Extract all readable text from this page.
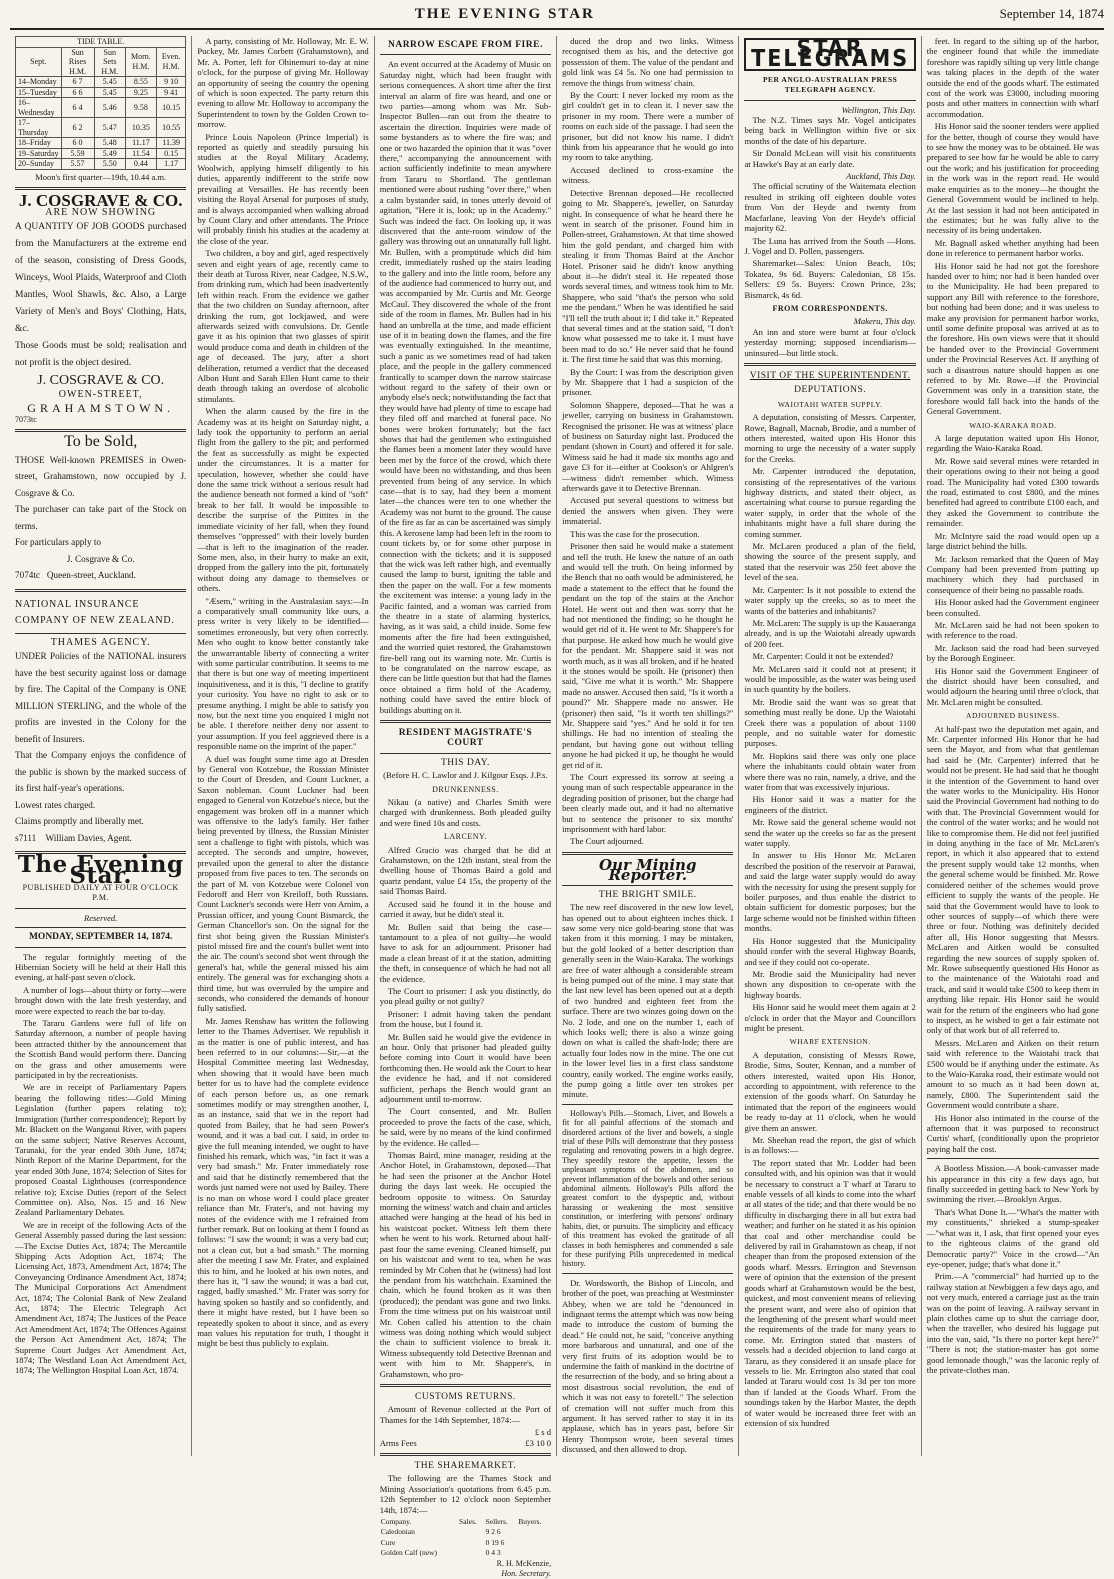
THE EVENING STAR	September 14, 1874
TIDE TABLE.				
Sept.	Sun Rises H.M.	Sun Sets H.M.	Morn. H.M.	Even. H.M.
14–Monday	6 7	5.45	8.55	9 10
15–Tuesday	6 6	5.45	9.25	9 41
16–Wednesday	6 4	5.46	9.58	10.15
17–Thursday	6 2	5.47	10.35	10.55
18–Friday	6 0	5.48	11.17	11.39
19–Saturday	5.59	5.49	11.54	0.15
20–Sunday	5.57	5.50	0.44	1.17
Moon's first quarter—19th, 10.44 a.m.
J. COSGRAVE & CO.
ARE NOW SHOWING

A QUANTITY OF JOB GOODS purchased from the Manufacturers at the extreme end of the season, consisting of Dress Goods, Winceys, Wool Plaids, Waterproof and Cloth Mantles, Wool Shawls, &c. Also, a Large Variety of Men's and Boys' Clothing, Hats, &c.

Those Goods must be sold; realisation and not profit is the object desired.

J. COSGRAVE & CO.
OWEN-STREET,
GRAHAMSTOWN.
7073tc
To be Sold,

THOSE Well-known PREMISES in Owen-street, Grahamstown, now occupied by J. Cosgrave & Co.

The purchaser can take part of the Stock on terms.

For particulars apply to

J. Cosgrave & Co.

7074tc Queen-street, Auckland.

NATIONAL INSURANCE COMPANY OF NEW ZEALAND.
THAMES AGENCY.

UNDER Policies of the NATIONAL insurers have the best security against loss or damage by fire. The Capital of the Company is ONE MILLION STERLING, and the whole of the profits are invested in the Colony for the benefit of Insurers.

That the Company enjoys the confidence of the public is shown by the marked success of its first half-year's operations.

Lowest rates charged.

Claims promptly and liberally met.

s7111 William Davies, Agent.

The Evening Star.
PUBLISHED DAILY AT FOUR O'CLOCK P.M.
Reserved.
MONDAY, SEPTEMBER 14, 1874.

The regular fortnightly meeting of the Hibernian Society will be held at their Hall this evening, at half-past seven o'clock.

A number of logs—about thirty or forty—were brought down with the late fresh yesterday, and more were expected to reach the bar to-day.

The Tararu Gardens were full of life on Saturday afternoon, a number of people having been attracted thither by the announcement that the Scottish Band would perform there. Dancing on the grass and other amusements were participated in by the recreationists.

We are in receipt of Parliamentary Papers bearing the following titles:—Gold Mining Legislation (further papers relating to); Immigration (further correspondence); Report by Mr. Blackett on the Wanganui River, with papers on the same subject; Native Reserves Account, Taranaki, for the year ended 30th June, 1874; Ninth Report of the Marine Department, for the year ended 30th June, 1874; Selection of Sites for proposed Coastal Lighthouses (correspondence relative to); Excise Duties (report of the Select Committee on). Also, Nos. 15 and 16 New Zealand Parliamentary Debates.

We are in receipt of the following Acts of the General Assembly passed during the last session:—The Excise Duties Act, 1874; The Mercantile Shipping Acts Adoption Act, 1874; The Licensing Act, 1873, Amendment Act, 1874; The Conveyancing Ordinance Amendment Act, 1874; The Municipal Corporations Act Amendment Act, 1874; The Colonial Bank of New Zealand Act, 1874; The Electric Telegraph Act Amendment Act, 1874; The Justices of the Peace Act Amendment Act, 1874; The Offences Against the Person Act Amendment Act, 1874; The Supreme Court Judges Act Amendment Act, 1874; The Westland Loan Act Amendment Act, 1874; The Wellington Hospital Loan Act, 1874.

A party, consisting of Mr. Holloway, Mr. E. W. Puckey, Mr. James Corbett (Grahamstown), and Mr. A. Porter, left for Ohinemuri to-day at nine o'clock, for the purpose of giving Mr. Holloway an opportunity of seeing the country the opening of which is soon expected. The party return this evening to allow Mr. Holloway to accompany the Superintendent to town by the Golden Crown to-morrow.

Prince Louis Napoleon (Prince Imperial) is reported as quietly and steadily pursuing his studies at the Royal Military Academy, Woolwich, applying himself diligently to his duties, apparently indifferent to the strife now prevailing at Versailles. He has recently been visiting the Royal Arsenal for purposes of study, and is always accompanied when walking abroad by Count Clary and other attendants. The Prince will probably finish his studies at the academy at the close of the year.

Two children, a boy and girl, aged respectively seven and eight years of age, recently came to their death at Tuross River, near Cadgee, N.S.W., from drinking rum, which had been inadvertently left within reach. From the evidence we gather that the two children on Sunday afternoon, after drinking the rum, got lockjawed, and were afterwards seized with convulsions. Dr. Gentle gave it as his opinion that two glasses of spirit would produce coma and death in children of the age of deceased. The jury, after a short deliberation, returned a verdict that the deceased Albon Hunt and Sarah Ellen Hunt came to their death through taking an overdose of alcoholic stimulants.

When the alarm caused by the fire in the Academy was at its height on Saturday night, a lady took the opportunity to perform an aerial flight from the gallery to the pit; and performed the feat as successfully as might be expected under the circumstances. It is a matter for speculation, however, whether she could have done the same trick without a serious result had the audience beneath not formed a kind of "soft" break to her fall. It would be impossible to describe the surprise of the Pittites in the immediate vicinity of her fall, when they found themselves "oppressed" with their lovely burden—that is left to the imagination of the reader. Some men, also, in their hurry to make an exit, dropped from the gallery into the pit, fortunately without doing any damage to themselves or others.

"Æsem," writing in the Australasian says:—In a comparatively small community like ours, a press writer is very likely to be identified—sometimes erroneously, but very often correctly. Men who ought to know better constantly take the unwarrantable liberty of connecting a writer with some particular contribution. It seems to me that there is but one way of meeting impertinent inquisitiveness, and it is this, "I decline to gratify your curiosity. You have no right to ask or to presume anything. I might be able to satisfy you now, but the next time you enquired I might not be able. I therefore neither deny nor assent to your assumption. If you feel aggrieved there is a responsible name on the imprint of the paper."

A duel was fought some time ago at Dresden by General von Kotzebue, the Russian Minister to the Court of Dresden, and Count Luckner, a Saxon nobleman. Count Luckner had been engaged to General von Kotzebue's niece, but the engagement was broken off in a manner which was offensive to the lady's family. Her father being prevented by illness, the Russian Minister sent a challenge to fight with pistols, which was accepted. The seconds and umpire, however, prevailed upon the general to alter the distance proposed from five paces to ten. The seconds on the part of M. von Kotzebue were Colonel von Fedoroff and Herr von Kreiloff, both Russians. Count Luckner's seconds were Herr von Arnim, a Prussian officer, and young Count Bismarck, the German Chancellor's son. On the signal for the first shot being given the Russian Minister's pistol missed fire and the count's bullet went into the air. The count's second shot went through the general's hat, while the general missed his aim entirely. The general was for exchanging shots a third time, but was overruled by the umpire and seconds, who considered the demands of honour fully satisfied.

Mr. James Renshaw has written the following letter to the Thames Advertiser. We republish it as the matter is one of public interest, and has been referred to in our columns:—Sir,—at the Hospital Committee meeting last Wednesday, when showing that it would have been much better for us to have had the complete evidence of each person before us, as one remark sometimes modify or may strengthen another, I, as an instance, said that we in the report had quoted from Bailey, that he had seen Power's wound, and it was a bad cut. I said, in order to give the full meaning intended, we ought to have finished his remark, which was, "in fact it was a very bad smash." Mr. Frater immediately rose and said that he distinctly remembered that the words just named were not used by Bailey. There is no man on whose word I could place greater reliance than Mr. Frater's, and not having my notes of the evidence with me I refrained from further remark. But on looking at them I found as follows: "I saw the wound; it was a very bad cut; not a clean cut, but a bad smash." The morning after the meeting I saw Mr. Frater, and explained this to him, and he looked at his own notes, and there has it, "I saw the wound; it was a bad cut, ragged, badly smashed." Mr. Frater was sorry for having spoken so hastily and so confidently, and there it might have rested, but I have been so repeatedly spoken to about it since, and as every man values his reputation for truth, I thought it might be best thus publicly to explain.

NARROW ESCAPE FROM FIRE.

An event occurred at the Academy of Music on Saturday night, which had been fraught with serious consequences. A short time after the first interval an alarm of fire was heard, and one or two parties—among whom was Mr. Sub-Inspector Bullen—ran out from the theatre to ascertain the direction. Inquiries were made of some bystanders as to where the fire was; and one or two hazarded the opinion that it was "over there," accompanying the announcement with action sufficiently indefinite to mean anywhere from Tararu to Shortland. The gentleman mentioned were about rushing "over there," when a calm bystander said, in tones utterly devoid of agitation, "Here it is, look; up in the Academy." Such was indeed the fact. On looking up, it was discovered that the ante-room window of the gallery was throwing out an unnaturally full light. Mr. Bullen, with a promptitude which did him credit, immediately rushed up the stairs leading to the gallery and into the little room, before any of the audience had commenced to hurry out, and was accompanied by Mr. Curtis and Mr. George McCaul. They discovered the whole of the front side of the room in flames. Mr. Bullen had in his hand an umbrella at the time, and made efficient use of it in beating down the flames, and the fire was eventually extinguished. In the meantime, such a panic as we sometimes read of had taken place, and the people in the gallery commenced frantically to scamper down the narrow staircase without regard to the safety of their own or anybody else's neck; notwithstanding the fact that they would have had plenty of time to escape had they filed off and marched at funeral pace. No bones were broken fortunately; but the fact shows that had the gentlemen who extinguished the flames been a moment later they would have been met by the force of the crowd, which there would have been no withstanding, and thus been prevented from being of any service. In which case—that is to say, had they been a moment later—the chances were ten to one whether the Academy was not burnt to the ground. The cause of the fire as far as can be ascertained was simply this. A kerosene lamp had been left in the room to count tickets by, or for some other purpose in connection with the tickets; and it is supposed that the wick was left rather high, and eventually caused the lamp to burst, igniting the table and then the paper on the wall. For a few moments the excitement was intense: a young lady in the Pacific fainted, and a woman was carried from the theatre in a state of alarming hysterics, having, as it was said, a child inside. Some few moments after the fire had been extinguished, and the worried quiet restored, the Grahamstown fire-bell rang out its warning note. Mr. Curtis is to be congratulated on the narrow escape, as there can be little question but that had the flames once obtained a firm hold of the Academy, nothing could have saved the entire block of buildings abutting on it.

RESIDENT MAGISTRATE'S COURT
THIS DAY.
(Before H. C. Lawlor and J. Kilgour Esqs. J.P.s.
DRUNKENNESS.

Nikau (a native) and Charles Smith were charged with drunkenness. Both pleaded guilty and were fined 10s and costs.

LARCENY.

Alfred Gracio was charged that he did at Grahamstown, on the 12th instant, steal from the dwelling house of Thomas Baird a gold and quartz pendant, value £4 15s, the property of the said Thomas Baird.

Accused said he found it in the house and carried it away, but he didn't steal it.

Mr. Bullen said that being the case—tantamount to a plea of not guilty—he would have to ask for an adjournment. Prisoner had made a clean breast of it at the station, admitting the theft, in consequence of which he had not all the evidence.

The Court to prisoner: I ask you distinctly, do you plead guilty or not guilty?

Prisoner: I admit having taken the pendant from the house, but I found it.

Mr. Bullen said he would give the evidence in an hour. Only that prisoner had pleaded guilty before coming into Court it would have been forthcoming then. He would ask the Court to hear the evidence he had, and if not considered sufficient, perhaps the Bench would grant an adjournment until to-morrow.

The Court consented, and Mr. Bullen proceeded to prove the facts of the case, which, he said, were by no means of the kind confirmed by the evidence. He called—

Thomas Baird, mine manager, residing at the Anchor Hotel, in Grahamstown, deposed—That he had seen the prisoner at the Anchor Hotel during the days last week. He occupied the bedroom opposite to witness. On Saturday morning the witness' watch and chain and articles attached were hanging at the head of his bed in his waistcoat pocket. Witness left them there when he went to his work. Returned about half-past four the same evening. Cleaned himself, put on his waistcoat and went to tea, when he was reminded by Mr Cohen that he (witness) had lost the pendant from his watchchain. Examined the chain, which he found broken as it was then (produced); the pendant was gone and two links. From the time witness put on his waistcoat until Mr. Cohen called his attention to the chain witness was doing nothing which would subject the chain to sufficient violence to break it. Witness subsequently told Detective Brennan and went with him to Mr. Shappere's, in Grahamstown, who pro-

CUSTOMS RETURNS.

Amount of Revenue collected at the Port of Thames for the 14th September, 1874:—

£ s d
Arms Fees	£3 10 0
THE SHAREMARKET.

The following are the Thames Stock and Mining Association's quotations from 6.45 p.m. 12th September to 12 o'clock noon September 14th, 1874:—

Company.	Sales.	Sellers.	Buyers.
Caledonian		9 2 6	
Cure		0 19 6	
Golden Calf (new)		0 4 3	
R. H. McKenzie,
Hon. Secretary.

duced the drop and two links. Witness recognised them as his, and the detective got possession of them. The value of the pendant and gold link was £4 5s. No one had permission to remove the things from witness' chain.

By the Court: I never locked my room as the girl couldn't get in to clean it. I never saw the prisoner in my room. There were a number of rooms on each side of the passage. I had seen the prisoner, but did not know his name. I didn't think from his appearance that he would go into my room to take anything.

Accused declined to cross-examine the witness.

Detective Brennan deposed—He recollected going to Mr. Shappere's, jeweller, on Saturday night. In consequence of what he heard there he went in search of the prisoner. Found him in Pollen-street, Grahamstown. At that time showed him the gold pendant, and charged him with stealing it from Thomas Baird at the Anchor Hotel. Prisoner said he didn't know anything about it—he didn't steal it. He repeated those words several times, and witness took him to Mr. Shappere, who said "that's the person who sold me the pendant." When he was identified he said "I'll tell the truth about it; I did take it." Repeated that several times and at the station said, "I don't know what possessed me to take it. I must have been mad to do so." He never said that he found it. The first time he said that was this morning.

By the Court: I was from the description given by Mr. Shappere that I had a suspicion of the prisoner.

Solomon Shappere, deposed—That he was a jeweller, carrying on business in Grahamstown. Recognised the prisoner. He was at witness' place of business on Saturday night last. Produced the pendant (shown in Court) and offered it for sale. Witness said he had it made six months ago and gave £3 for it—either at Cookson's or Ahlgren's—witness didn't remember which. Witness afterwards gave it to Detective Brennan.

Accused put several questions to witness but denied the answers when given. They were immaterial.

This was the case for the prosecution.

Prisoner then said he would make a statement and tell the truth. He knew the nature of an oath and would tell the truth. On being informed by the Bench that no oath would be administered, he made a statement to the effect that he found the pendant on the top of the stairs at the Anchor Hotel. He went out and then was sorry that he had not mentioned the finding; so he thought he would get rid of it. He went to Mr. Shappere's for that purpose. He asked how much he would give for the pendant. Mr. Shappere said it was not worth much, as it was all broken, and if he heated it the stones would be spoilt. He (prisoner) then said, "Give me what it is worth." Mr. Shappere made no answer. Accused then said, "Is it worth a pound?" Mr. Shappere made no answer. He (prisoner) then said, "Is it worth ten shillings?" Mr. Shappere said "yes." And he sold it for ten shillings. He had no intention of stealing the pendant, but having gone out without telling anyone he had picked it up, he thought he would get rid of it.

The Court expressed its sorrow at seeing a young man of such respectable appearance in the degrading position of prisoner, but the charge had been clearly made out, and it had no alternative but to sentence the prisoner to six months' imprisonment with hard labor.

The Court adjourned.

Our Mining Reporter.
THE BRIGHT SMILE.

The new reef discovered in the new low level, has opened out to about eighteen inches thick. I saw some very nice gold-bearing stone that was taken from it this morning. I may be mistaken, but the gold looked of a better description than generally seen in the Waio-Karaka. The workings are free of water although a considerable stream is being pumped out of the mine. I may state that the last new level has been opened out at a depth of two hundred and eighteen feet from the surface. There are two winzes going down on the No. 2 lode, and one on the number 1, each of which looks well; there is also a winze going down on what is called the shaft-lode; there are actually four lodes now in the mine. The one cut in the lower level lies in a first class sandstone country, easily worked. The engine works easily, the pump going a little over ten strokes per minute.

Holloway's Pills.—Stomach, Liver, and Bowels a fit for all painful affections of the stomach and disordered actions of the liver and bowels, a single trial of these Pills will demonstrate that they possess regulating and renovating powers in a high degree. They speedily restore the appetite, lessen the unpleasant symptoms of the abdomen, and so prevent inflammation of the bowels and other serious abdominal ailments. Holloway's Pills afford the greatest comfort to the dyspeptic and, without harassing or weakening the most sensitive constitution, or interfering with persons' ordinary habits, diet, or pursuits. The simplicity and efficacy of this treatment has evoked the gratitude of all classes in both hemispheres and commended a sale for these purifying Pills unprecedented in medical history.

Dr. Wordsworth, the Bishop of Lincoln, and brother of the poet, was preaching at Westminster Abbey, when we are told he "denounced in indignant terms the attempt which was now being made to introduce the custom of burning the dead." He could not, he said, "conceive anything more barbarous and unnatural, and one of the very first fruits of its adoption would be to undermine the faith of mankind in the doctrine of the resurrection of the body, and so bring about a most disastrous social revolution, the end of which it was not easy to foretell." The selection of cremation will not suffer much from this argument. It has served rather to stay it in its applause, which has in years past, before Sir Henry Thompson wrote, been several times discussed, and then allowed to drop.

STAR TELEGRAMS
PER ANGLO-AUSTRALIAN PRESS TELEGRAPH AGENCY.
Wellington, This Day.

The N.Z. Times says Mr. Vogel anticipates being back in Wellington within five or six months of the date of his departure.

Sir Donald McLean will visit his constituents at Hawke's Bay at an early date.

Auckland, This Day.

The official scrutiny of the Waitemata election resulted in striking off eighteen double votes from Von der Heyde and twenty from Macfarlane, leaving Von der Heyde's official majority 62.

The Luna has arrived from the South —Hons. J. Vogel and D. Pollen, passengers.

Sharemarket—Sales: Union Beach, 10s; Tokatea, 9s 6d. Buyers: Caledonian, £8 15s. Sellers: £9 5s. Buyers: Crown Prince, 23s; Bismarck, 4s 6d.

FROM CORRESPONDENTS.
Makeru, This day.

An inn and store were burnt at four o'clock yesterday morning; supposed incendiarism—uninsured—but little stock.

VISIT OF THE SUPERINTENDENT.
DEPUTATIONS.
WAIOTAHI WATER SUPPLY.

A deputation, consisting of Messrs. Carpenter, Rowe, Bagnall, Macnab, Brodie, and a number of others interested, waited upon His Honor this morning to urge the necessity of a water supply for the Creeks.

Mr. Carpenter introduced the deputation, consisting of the representatives of the various highway districts, and stated their object, as ascertaining what course to pursue regarding the water supply, in order that the whole of the inhabitants might have a full share during the coming summer.

Mr. McLaren produced a plan of the field, showing the source of the present supply, and stated that the reservoir was 250 feet above the level of the sea.

Mr. Carpenter: Is it not possible to extend the water supply up the creeks, so as to meet the wants of the batteries and inhabitants?

Mr. McLaren: The supply is up the Kauaeranga already, and is up the Waiotahi already upwards of 200 feet.

Mr. Carpenter: Could it not be extended?

Mr. McLaren said it could not at present; it would be impossible, as the water was being used in such quantity by the boilers.

Mr. Brodie said the want was so great that something must really be done. Up the Waiotahi Creek there was a population of about 1100 people, and no suitable water for domestic purposes.

Mr. Hopkins said there was only one place where the inhabitants could obtain water from where there was no rain, namely, a drive, and the water from that was excessively injurious.

His Honor said it was a matter for the engineers of the district.

Mr. Rowe said the general scheme would not send the water up the creeks so far as the present water supply.

In answer to His Honor Mr. McLaren described the position of the reservoir at Parawai, and said the large water supply would do away with the necessity for using the present supply for boiler purposes, and thus enable the district to obtain sufficient for domestic purposes; but the large scheme would not be finished within fifteen months.

His Honor suggested that the Municipality should confer with the several Highway Boards, and see if they could not co-operate.

Mr. Brodie said the Municipality had never shown any disposition to co-operate with the highway boards.

His Honor said he would meet them again at 2 o'clock in order that the Mayor and Councillors might be present.

WHARF EXTENSION.

A deputation, consisting of Messrs Rowe, Brodie, Sims, Souter, Kennan, and a number of others interested, waited upon His Honor, according to appointment, with reference to the extension of the goods wharf. On Saturday he intimated that the report of the engineers would be ready to-day at 11 o'clock, when he would give them an answer.

Mr. Sheehan read the report, the gist of which is as follows:—

The report stated that Mr. Lodder had been consulted with, and his opinion was that it would be necessary to construct a T wharf at Tararu to enable vessels of all kinds to come into the wharf at all states of the tide; and that there would be no difficulty in discharging there in all but extra bad weather; and further on he stated it as his opinion that coal and other merchandise could be delivered by rail in Grahamstown as cheap, if not cheaper than from the proposed extension of the goods wharf. Messrs. Errington and Stevenson were of opinion that the extension of the present goods wharf at Grahamstown would be the best, quickest, and most convenient means of relieving the present want, and were also of opinion that the lengthening of the present wharf would meet the requirements of the trade for many years to come. Mr. Errington stated that masters of vessels had a decided objection to land cargo at Tararu, as they considered it an unsafe place for vessels to lie. Mr. Errington also stated that coal landed at Tararu would cost 1s 3d per ton more than if landed at the Goods Wharf. From the soundings taken by the Harbor Master, the depth of water would be increased three feet with an extension of six hundred

feet. In regard to the silting up of the harbor, the engineer found that while the immediate foreshore was rapidly silting up very little change was taking places in the depth of the water outside the end of the goods wharf. The estimated cost of the work was £3000, including mooring posts and other matters in connection with wharf accommodation.

His Honor said the sooner tenders were applied for the better, though of course they would have to see how the money was to be obtained. He was prepared to see how far he would be able to carry out the work; and his justification for proceeding in the work was in the report read. He would make enquiries as to the money—he thought the General Government would be inclined to help. At the last session it had not been anticipated in the estimates; but he was fully alive to the necessity of its being undertaken.

Mr. Bagnall asked whether anything had been done in reference to permanent harbor works.

His Honor said he had not got the foreshore handed over to him; nor had it been handed over to the Municipality. He had been prepared to support any Bill with reference to the foreshore, but nothing had been done; and it was useless to make any provision for permanent harbor works, until some definite proposal was arrived at as to the foreshore. His own views were that it should be handed over to the Provincial Government under the Provincial Reserves Act. If anything of such a disastrous nature should happen as one referred to by Mr. Rowe—if the Provincial Government was only in a transition state, the foreshore would fall back into the hands of the General Government.

WAIO-KARAKA ROAD.

A large deputation waited upon His Honor, regarding the Waio-Karaka Road.

Mr. Rowe said several mines were retarded in their operations owing to their not being a good road. The Municipality had voted £300 towards the road, estimated to cost £800, and the mines benefited had agreed to contribute £100 each, and they asked the Government to contribute the remainder.

Mr. McIntyre said the road would open up a large district behind the hills.

Mr. Jackson remarked that the Queen of May Company had been prevented from putting up machinery which they had purchased in consequence of their being no passable roads.

His Honor asked had the Government engineer been consulted.

Mr. McLaren said he had not been spoken to with reference to the road.

Mr. Jackson said the road had been surveyed by the Borough Engineer.

His Honor said the Government Engineer of the district should have been consulted, and would adjourn the hearing until three o'clock, that Mr. McLaren might be consulted.

ADJOURNED BUSINESS.

At half-past two the deputation met again, and Mr. Carpenter informed His Honor that he had seen the Mayor, and from what that gentleman had said he (Mr. Carpenter) inferred that he would not be present. He had said that he thought it the intention of the Government to hand over the water works to the Municipality. His Honor said the Provincial Government had nothing to do with that. The Provincial Government would for the control of the water works; and he would not like to compromise them. He did not feel justified in doing anything in the face of Mr. McLaren's report, in which it also appeared that to extend the present supply would take 12 months, when the general scheme would be finished. Mr. Rowe considered neither of the schemes would prove efficient to supply the wants of the people. He said that the Government would have to look to other sources of supply—of which there were three or four. Nothing was definitely decided after all, His Honor suggesting that Messrs. McLaren and Aitken would be consulted regarding the new sources of supply spoken of. Mr. Rowe subsequently questioned His Honor as to the maintenance of the Waiotahi road and track, and said it would take £500 to keep them in anything like repair. His Honor said he would wait for the return of the engineers who had gone to inspect, as he wished to get a fair estimate not only of that work but of all referred to.

Messrs. McLaren and Aitken on their return said with reference to the Waiotahi track that £500 would be if anything under the estimate. As to the Waio-Karaka road, their estimate would not amount to so much as it had been down at, namely, £800. The Superintendent said the Government would contribute a share.

His Honor also intimated in the course of the afternoon that it was purposed to reconstruct Curtis' wharf, (conditionally upon the proprietor paying half the cost.

A Bootless Mission.—A book-canvasser made his appearance in this city a few days ago, but finally succeeded in getting back to New York by swimming the river.—Brooklyn Argus.

That's What Done It.—"What's the matter with my constituents," shrieked a stump-speaker—"what was it, I ask, that first opened your eyes to the righteous claims of the grand old Democratic party?" Voice in the crowd—"An eye-opener, judge; that's what done it."

Prim.—A "commercial" had hurried up to the railway station at Newbiggen a few days ago, and not very much, entered a carriage just as the train was on the point of leaving. A railway servant in plain clothes came up to shut the carriage door, when the traveller, who desired his luggage put into the van, said, "Is there no porter kept here?" "There is not; the station-master has got some good lemonade though," was the laconic reply of the private-clothes man.
